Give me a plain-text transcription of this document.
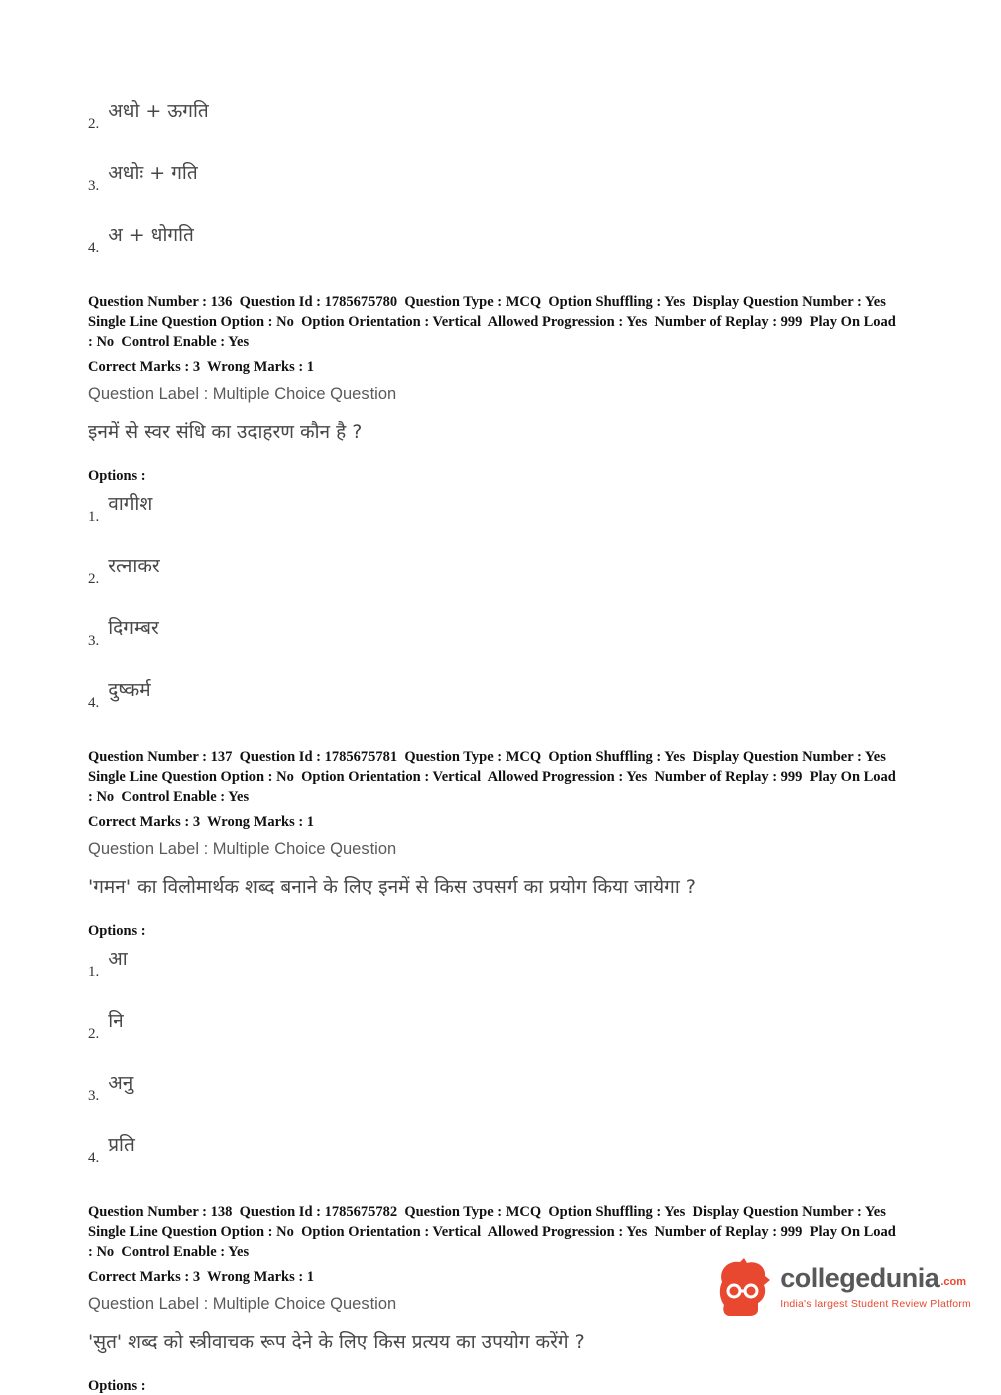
2.
अधो + ऊगति
3.
अधोः + गति
4.
अ + धोगति

Question Number : 136  Question Id : 1785675780  Question Type : MCQ  Option Shuffling : Yes  Display Question Number : Yes  Single Line Question Option : No  Option Orientation : Vertical  Allowed Progression : Yes  Number of Replay : 999  Play On Load : No  Control Enable : Yes

Correct Marks : 3  Wrong Marks : 1

Question Label : Multiple Choice Question

इनमें से स्वर संधि का उदाहरण कौन है ?

Options :

1.
वागीश
2.
रत्नाकर
3.
दिगम्बर
4.
दुष्कर्म

Question Number : 137  Question Id : 1785675781  Question Type : MCQ  Option Shuffling : Yes  Display Question Number : Yes  Single Line Question Option : No  Option Orientation : Vertical  Allowed Progression : Yes  Number of Replay : 999  Play On Load : No  Control Enable : Yes

Correct Marks : 3  Wrong Marks : 1

Question Label : Multiple Choice Question

'गमन' का विलोमार्थक शब्द बनाने के लिए इनमें से किस उपसर्ग का प्रयोग किया जायेगा ?

Options :

1.
आ
2.
नि
3.
अनु
4.
प्रति

Question Number : 138  Question Id : 1785675782  Question Type : MCQ  Option Shuffling : Yes  Display Question Number : Yes  Single Line Question Option : No  Option Orientation : Vertical  Allowed Progression : Yes  Number of Replay : 999  Play On Load : No  Control Enable : Yes

Correct Marks : 3  Wrong Marks : 1

Question Label : Multiple Choice Question

'सुत' शब्द को स्त्रीवाचक रूप देने के लिए किस प्रत्यय का उपयोग करेंगे ?

Options :

collegedunia.com
India's largest Student Review Platform
